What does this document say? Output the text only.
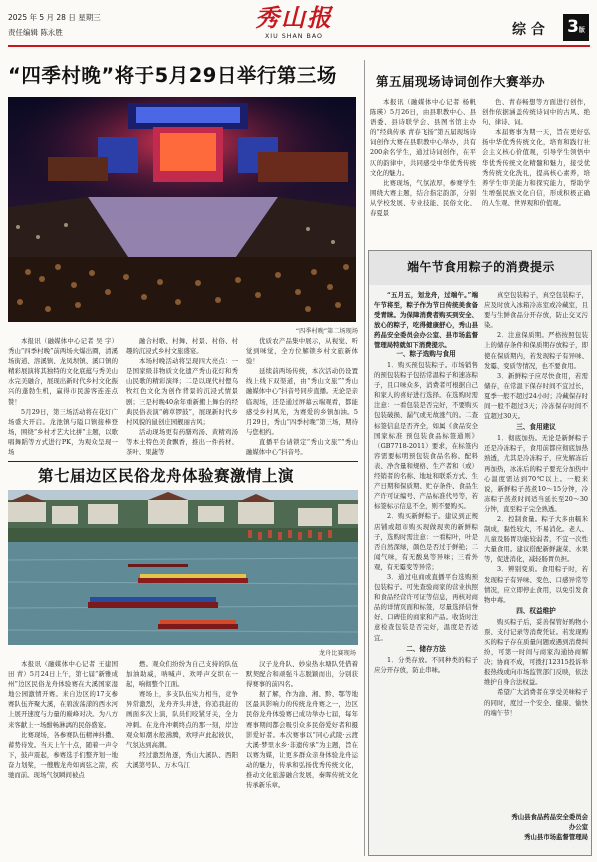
2025 年 5 月 28 日 星期三
责任编辑 陈永胜
秀山报
XIU SHAN BAO	综 合 3版
“四季村晚”将于5月29日举行第三场
“四季村晚”第二场现场

本报讯（融媒体中心记者 吴 宇）秀山“四季村晚”前两场火爆出圈，清溪场街道、溶溪镇、龙凤坝镇、溪口镇的精彩展演将其独特的文化底蕴与秀美山水完美融合，展现出新时代乡村文化振兴的蓬勃生机，赢得市民游客连连点赞！

5月29日，第三场活动将在花灯广场盛大开启。龙池镇与隘口镇接棒登场，围绕“乡村才艺大比拼”主题，以歌唱舞蹈等方式进行PK，为观众呈现一场

融合村歌、村舞、村景、村俗、村趣的沉浸式乡村文旅盛宴。

本场村晚活动将呈现四大亮点：一是国家级非物质文化遗产秀山花灯和秀山民歌的精彩演绎；二是以现代村俚乌牧红色文化为创作背景的沉浸式情景剧；三是村晚40余年重新搬上舞台的经典民俗表演“薅草锣鼓”，展现新时代乡村风貌的鼠创庄园靓丽古风；

活动现场更有药膳鸡汤、黄精鸡汤等本土特色美食飘香，推出一件药材、茶叶、果蔬等

优质农产品集中展示，从视觉、听觉到味觉，全方位解锁乡村文旅新体验！

延续前两场传统，本次活动仍设置线上线下双渠道，由“秀山文旅”“秀山融媒体中心”抖音号同步直播。无论是亲临现场，还是通过屏幕云端观看，都能感受乡村风光，为赛爱的乡镇加油。5月29日，秀山“四季村晚”第三场，期待与您相约。

直播平台请锁定“秀山文旅”“秀山融媒体中心”抖音号。

第七届边区民俗龙舟体验赛激情上演
龙舟比赛现场

本报讯（融媒体中心记者 王建国 田 青）5月24日上午，第七届“新雅成州”边区民俗龙舟体验赛在大溪国家湿地公园激情开赛。来自边区的17支参赛队伍齐聚大溪，在碧波荡漾的西水河上展开速度与力量的巅峰对决。为八方来客献上一场酣畅淋漓的民俗盛宴。

比赛现场，各参赛队伍精神抖擞、蓄势待发。当天上午十点，随着一声令下，鼓声震起，参赛选手们整齐划一地奋力划桨，一艘艘龙舟如离弦之箭，疾驰而前。现场气氛瞬间被点

燃。观众们纷纷为自己支持的队伍加油助威，呐喊声、欢呼声交织在一起，响彻整个江面。

赛场上，多支队伍实力相当，竞争异常激烈，龙舟齐头并进，你追我赶的画面多次上演，队员们咬紧牙关，全力冲刺。在龙舟冲刺终点的那一刻，岸边观众如潮水般沸腾，欢呼声此起彼伏，气氛达到高潮。

经过激烈角逐，秀山大溪队、西阳大溪第号队、万木乌江

汉子龙舟队、妙泉热水塘队凭借着默契配合和顽强斗志脱颖而出，分别获得赛事的前四名。

据了解，作为渝、湘、黔、鄂等地区最具影响力的传统龙舟赛之一，边区民俗龙舟体验赛已成功举办七届，每年赛事期间都会吸引众多民俗爱好者和摄影爱好者。本次赛事以“同心武陵·云渡大溪·梦里水乡·非遗传承”为主题，旨在以赛为媒，让更多群众亲身体验龙舟运动的魅力，传承和弘扬优秀传统文化，推动文化旅游融合发展，秦晖传统文化传承新乐章。

第五届现场诗词创作大赛举办

本报讯（融媒体中心记者 杨帆 陈瑛）5月26日，由县职教中心、县语委、县诗联学会、县图书馆主办的“经典传承 青春飞扬”第五届现场诗词创作大赛在县职教中心举办，共有200余名学生，通过诗词创作，在平仄的韵律中，共同感受中华优秀传统文化的魅力。

比赛现场，气氛浓厚，参赛学生围绕大赛主题，结合指定韵部，分别从学校发展、专业技能、民俗文化、春夏景

色、青春畅想等方面进行创作，创作依据涵盖传统诗词中的古风、绝句、律诗、词。

本届赛事为期一天，旨在更好弘扬中华优秀传统文化，培育和践行社会主义核心价值观，引导学生领悟中华优秀传统文化精髓和魅力，接受优秀传统文化洗礼，提高核心素养，培养学生审美能力和探究能力，帮助学生增强民族文化自信，形成积极正确的人生观、世界观和价值观。

端午节食用粽子的消费提示

“五月五，划龙舟，过端午。”端午节将至，粽子作为节日传统美食备受青睐。为保障消费者购买到安全、放心的粽子，吃得健康舒心，秀山县药品安全委员会办公室、县市场监督管理局特就如下消费提示。

一、粽子选购与食用

1．购买预包装粽子。市场销售的预包装粽子包括常温粽子和速冻粽子，且口味众多，消费者可根据自己和家人的喜好进行选择。在选购时需注意：一看包装是否完好，不要购买包装破损、漏气或无故涨气的。二查标签信息是否齐全，如属《食品安全国家标准 预包装食品标签通则》（GB7718-2011）要求，在标签内容需要标明预包装食品名称、配料表、净含量和规格、生产者和（或）经销者的名称、地址和联系方式、生产日期和保质期、贮存条件、食品生产许可证编号、产品标准代号等，若标签标示信息不全，则不要购买。

2．购买新鲜粽子。建议到正规店铺或超市购买现做现卖的新鲜粽子，选购时需注意：一看粽叶，叶是否自然深绿，颜色是否过于鲜艳；二闻气味，有无酸臭等异味；三看外观，有无霉变等异常；

3．通过电商或直播平台选购预包装粽子。可先查验商家的营业执照和食品经营许可证等信息，再核对商品的详情页面和标签，尽量选择信誉好、口碑佳的商家和产品。收货时注意检查包装是否完好，温度是否适宜。

二、储存方法

1．分类存放。不同种类的粽子应分开存放，防止串味。

真空包装粽子，真空包装粽子，应及时放入冰箱冷冻室或冷藏室，且要与生鲜食品分开存放，防止交叉污染。

2．注意保质期。严格按照包装上的储存条件和保质期存放粽子，即使在保质期内，若发现粽子有异味、发霉、变质等情况，也不要食用。

3．新鲜粽子应尽快食用，若需储存，在常温下保存时间不宜过长，夏季一般不超过24小时；冷藏保存时间一般不超过3天；冷冻保存时间不宜超过30天。

三、食用建议

1．彻底加热。无论是新鲜粽子还是冷冻粽子，食用前都应彻底加热熟透，尤其是冷冻粽子，应先解冻后再加热，冰冻后的粽子要充分加热中心温度需达到70℃以上。一般来说，新鲜粽子蒸煮10～15分钟，冷冻粽子蒸煮时间适当延长至20～30分钟，直至粽子完全熟透。

2．控制食量。粽子大多由糯米制成，黏性较大，不易消化。老人、儿童及肠胃功能较弱者，不宜一次性大量食用。建议搭配新鲜蔬菜、水果等，促进消化，减轻肠胃负担。

3．辨别变质。食用粽子时，若发现粽子有异味、变色、口感异常等情况，应立即停止食用，以免引发食物中毒。

四、权益维护

购买粽子后，妥善保管好购物小票、支付记录等消费凭证。若发现购买的粽子存在质量问题或遇到消费纠纷，可第一时间与商家沟通协商解决；协商不成，可拨打12315投诉举报热线或向市场监管部门反映，依法维护自身合法权益。

希望广大消费者在享受美味粽子的同时，度过一个安全、健康、愉快的端午节！

秀山县食品药品安全委员会
办公室
秀山县市场监督管理局
